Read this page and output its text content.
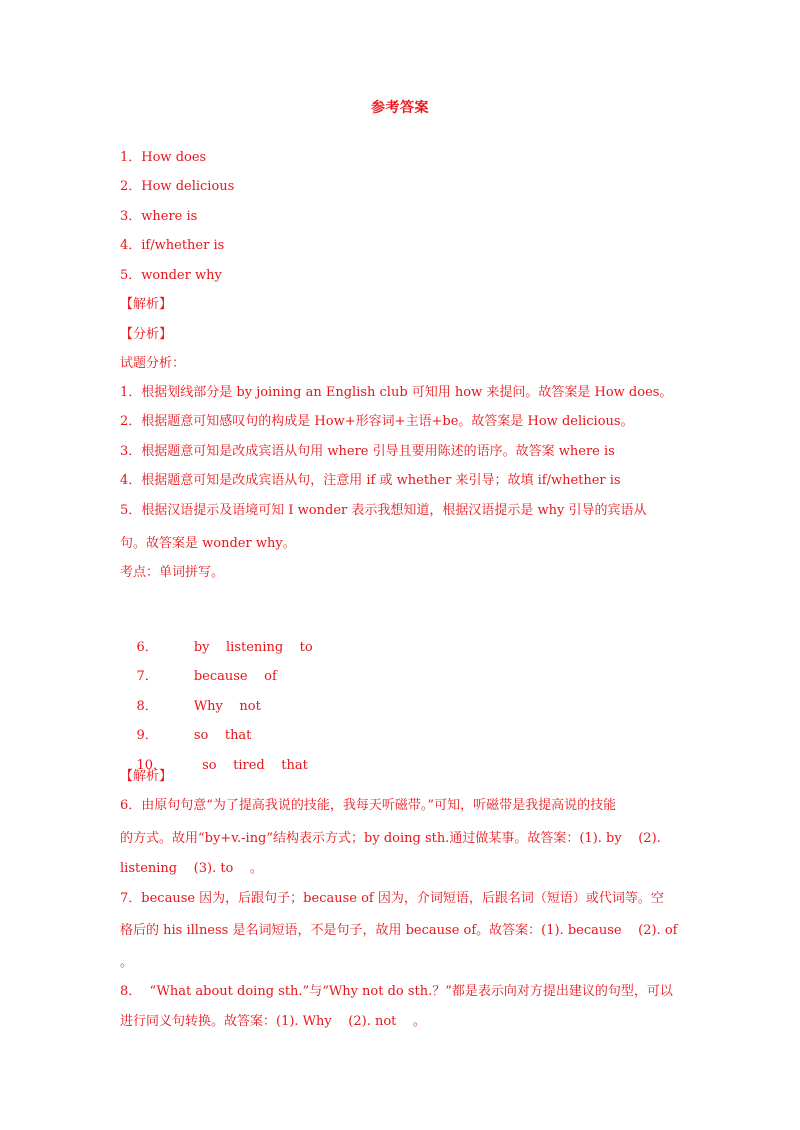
参考答案
1．How does
2．How delicious
3．where is
4．if/whether is
5．wonder why
【解析】
【分析】
试题分析：
1．根据划线部分是 by joining an English club 可知用 how 来提问。故答案是 How does。
2．根据题意可知感叹句的构成是 How+形容词+主语+be。故答案是 How delicious。
3．根据题意可知是改成宾语从句用 where 引导且要用陈述的语序。故答案 where is
4．根据题意可知是改成宾语从句，注意用 if 或 whether 来引导；故填 if/whether is
5．根据汉语提示及语境可知 I wonder 表示我想知道，根据汉语提示是 why 引导的宾语从
句。故答案是 wonder why。
考点：单词拼写。

6．	by    listening    to

7．	because    of

8．	Why    not

9．	so    that

10．	so    tired    that

【解析】
6．由原句句意“为了提高我说的技能，我每天听磁带。”可知，听磁带是我提高说的技能
的方式。故用“by+v.-ing”结构表示方式；by doing sth.通过做某事。故答案：(1). by    (2).
listening    (3). to    。
7．because 因为，后跟句子；because of 因为，介词短语，后跟名词（短语）或代词等。空
格后的 his illness 是名词短语，不是句子，故用 because of。故答案：(1). because    (2). of
。
8．  “What about doing sth.”与“Why not do sth.？”都是表示向对方提出建议的句型，可以
进行同义句转换。故答案：(1). Why    (2). not    。
